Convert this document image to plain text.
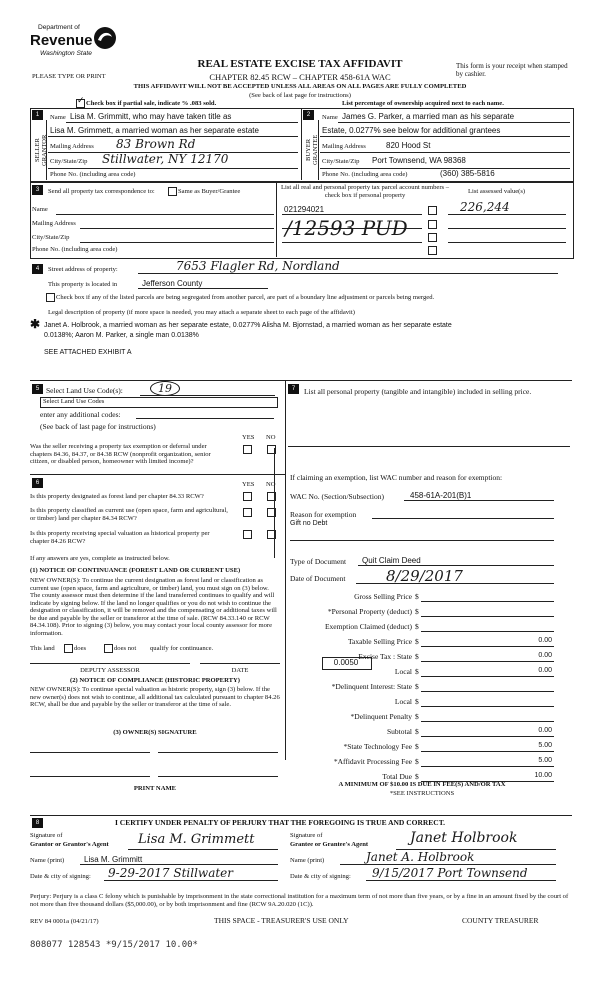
Department of
Revenue
Washington State
PLEASE TYPE OR PRINT
REAL ESTATE EXCISE TAX AFFIDAVIT
CHAPTER 82.45 RCW – CHAPTER 458-61A WAC
THIS AFFIDAVIT WILL NOT BE ACCEPTED UNLESS ALL AREAS ON ALL PAGES ARE FULLY COMPLETED
(See back of last page for instructions)
This form is your receipt when stamped by cashier.
✓ Check box if partial sale, indicate % .083 sold.	List percentage of ownership acquired next to each name.
1	2
SELLER GRANTOR	BUYER GRANTEE
Name Lisa M. Grimmitt, who may have taken title as
Lisa M. Grimmett, a married woman as her separate estate
Mailing Address 83 Brown Rd
City/State/Zip Stillwater, NY 12170
Phone No. (including area code)
Name James G. Parker, a married man as his separate
Estate, 0.0277% see below for additional grantees
Mailing Address	820 Hood St
City/State/Zip Port Townsend, WA 98368
Phone No. (including area code)	(360) 385-5816
3	Send all property tax correspondence to:	Same as Buyer/Grantee
Name
Mailing Address
City/State/Zip
Phone No. (including area code)
List all real and personal property tax parcel account numbers – check box if personal property
List assessed value(s)
021294021
/12593 PUD
226,244
4	Street address of property:	7653 Flagler Rd, Nordland
This property is located in	Jefferson County
Check box if any of the listed parcels are being segregated from another parcel, are part of a boundary line adjustment or parcels being merged.
Legal description of property (if more space is needed, you may attach a separate sheet to each page of the affidavit)
✱ Janet A. Holbrook, a married woman as her separate estate, 0.0277% Alisha M. Bjornstad, a married woman as her separate estate
0.0138%; Aaron M. Parker, a single man 0.0138%
SEE ATTACHED EXHIBIT A
5 Select Land Use Code(s):	19
Select Land Use Codes
enter any additional codes:
(See back of last page for instructions)
YES NO
Was the seller receiving a property tax exemption or deferral under chapters 84.36, 84.37, or 84.38 RCW (nonprofit organization, senior citizen, or disabled person, homeowner with limited income)?
7	List all personal property (tangible and intangible) included in selling price.
6	YES NO
Is this property designated as forest land per chapter 84.33 RCW?
Is this property classified as current use (open space, farm and agricultural, or timber) land per chapter 84.34 RCW?
Is this property receiving special valuation as historical property per chapter 84.26 RCW?
If any answers are yes, complete as instructed below.
(1) NOTICE OF CONTINUANCE (FOREST LAND OR CURRENT USE)
NEW OWNER(S): To continue the current designation as forest land or classification as current use (open space, farm and agriculture, or timber) land, you must sign on (3) below. The county assessor must then determine if the land transferred continues to qualify and will indicate by signing below. If the land no longer qualifies or you do not wish to continue the designation or classification, it will be removed and the compensating or additional taxes will be due and payable by the seller or transferor at the time of sale. (RCW 84.33.140 or RCW 84.34.108). Prior to signing (3) below, you may contact your local county assessor for more information.
This land	does	does not qualify for continuance.
DEPUTY ASSESSOR	DATE
(2) NOTICE OF COMPLIANCE (HISTORIC PROPERTY)
NEW OWNER(S): To continue special valuation as historic property, sign (3) below. If the new owner(s) does not wish to continue, all additional tax calculated pursuant to chapter 84.26 RCW, shall be due and payable by the seller or transferor at the time of sale.
(3) OWNER(S) SIGNATURE
PRINT NAME
If claiming an exemption, list WAC number and reason for exemption:
WAC No. (Section/Subsection)	458-61A-201(B)1
Reason for exemption
Gift no Debt
Type of Document Quit Claim Deed
Date of Document	8/29/2017
0.0050
Gross Selling Price $
*Personal Property (deduct) $
Exemption Claimed (deduct) $
Taxable Selling Price $	0.00
Excise Tax : State $	0.00
Local $	0.00
*Delinquent Interest: State $
Local $
*Delinquent Penalty $
Subtotal $	0.00
*State Technology Fee $	5.00
*Affidavit Processing Fee $	5.00
Total Due $	10.00
A MINIMUM OF $10.00 IS DUE IN FEE(S) AND/OR TAX
*SEE INSTRUCTIONS
8	I CERTIFY UNDER PENALTY OF PERJURY THAT THE FOREGOING IS TRUE AND CORRECT.
Signature of
Grantor or Grantor's Agent Lisa M. Grimmett
Name (print) Lisa M. Grimmitt
Date & city of signing: 9-29-2017 Stillwater
Signature of
Grantee or Grantee's Agent	Janet Holbrook
Name (print)	Janet A. Holbrook
Date & city of signing: 9/15/2017 Port Townsend
Perjury: Perjury is a class C felony which is punishable by imprisonment in the state correctional institution for a maximum term of not more than five years, or by a fine in an amount fixed by the court of not more than five thousand dollars ($5,000.00), or by both imprisonment and fine (RCW 9A.20.020 (1C)).
REV 84 0001a (04/21/17)	THIS SPACE - TREASURER'S USE ONLY	COUNTY TREASURER
808077 128543 *9/15/2017 10.00*
